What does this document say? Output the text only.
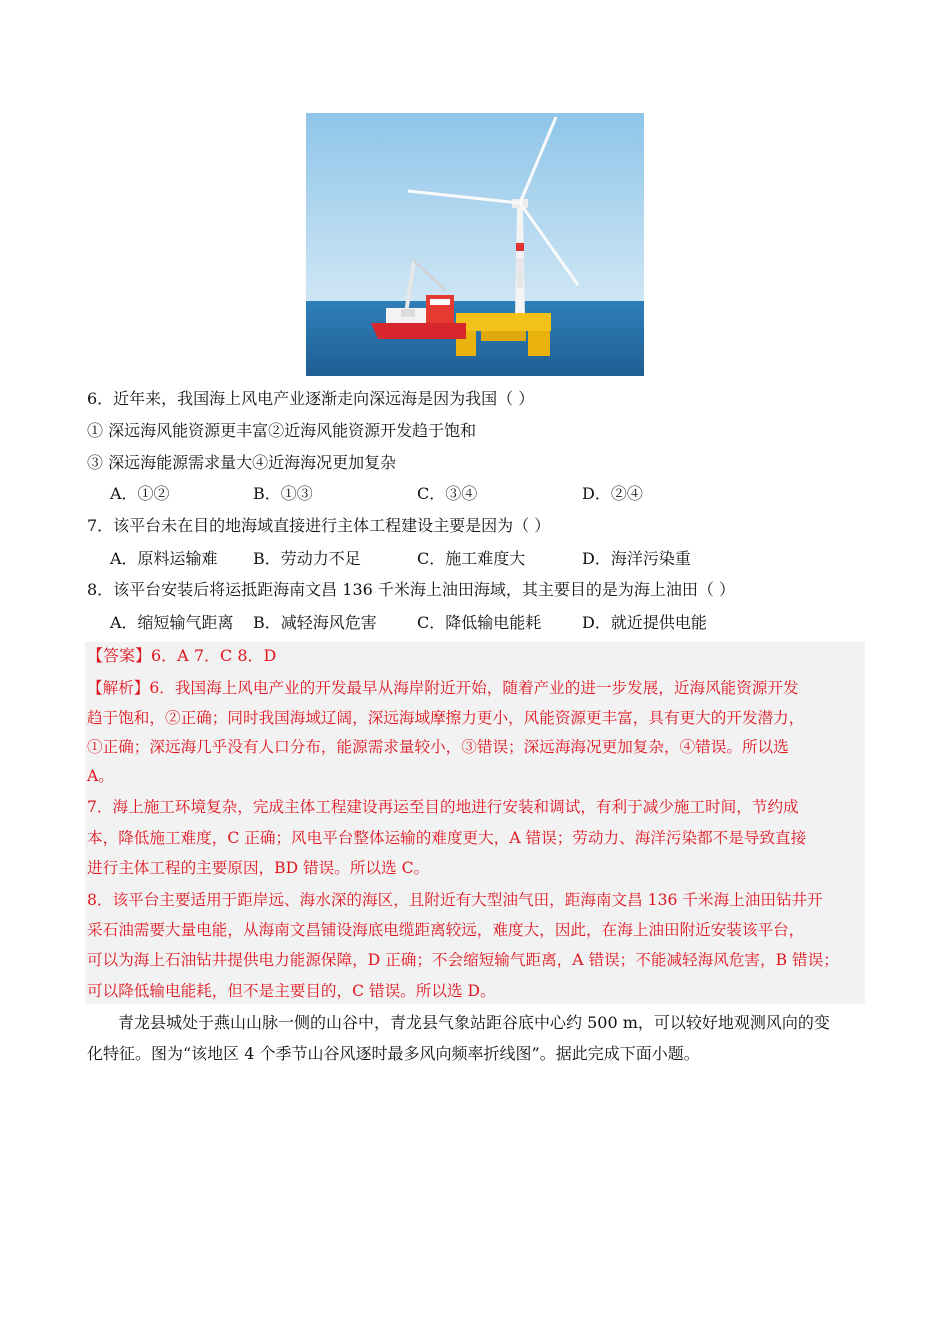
6．近年来，我国海上风电产业逐渐走向深远海是因为我国（ ）
① 深远海风能资源更丰富②近海风能资源开发趋于饱和
③ 深远海能源需求量大④近海海况更加复杂
A．①②	B．①③	C．③④	D．②④
7．该平台未在目的地海域直接进行主体工程建设主要是因为（ ）
A．原料运输难 B．劳动力不足	C．施工难度大	D．海洋污染重
8．该平台安装后将运抵距海南文昌 136 千米海上油田海域，其主要目的是为海上油田（ ）
A．缩短输气距离 B．减轻海风危害	C．降低输电能耗	D．就近提供电能
【答案】6．A 7．C 8．D
【解析】6．我国海上风电产业的开发最早从海岸附近开始，随着产业的进一步发展，近海风能资源开发
趋于饱和，②正确；同时我国海域辽阔，深远海域摩擦力更小，风能资源更丰富，具有更大的开发潜力，
①正确；深远海几乎没有人口分布，能源需求量较小，③错误；深远海海况更加复杂，④错误。所以选
A。
7．海上施工环境复杂，完成主体工程建设再运至目的地进行安装和调试，有利于减少施工时间，节约成
本，降低施工难度，C 正确；风电平台整体运输的难度更大，A 错误；劳动力、海洋污染都不是导致直接
进行主体工程的主要原因，BD 错误。所以选 C。
8．该平台主要适用于距岸远、海水深的海区，且附近有大型油气田，距海南文昌 136 千米海上油田钻井开
采石油需要大量电能，从海南文昌铺设海底电缆距离较远，难度大，因此，在海上油田附近安装该平台，
可以为海上石油钻井提供电力能源保障，D 正确；不会缩短输气距离，A 错误；不能减轻海风危害，B 错误；
可以降低输电能耗，但不是主要目的，C 错误。所以选 D。
青龙县城处于燕山山脉一侧的山谷中，青龙县气象站距谷底中心约 500 m，可以较好地观测风向的变
化特征。图为“该地区 4 个季节山谷风逐时最多风向频率折线图”。据此完成下面小题。
